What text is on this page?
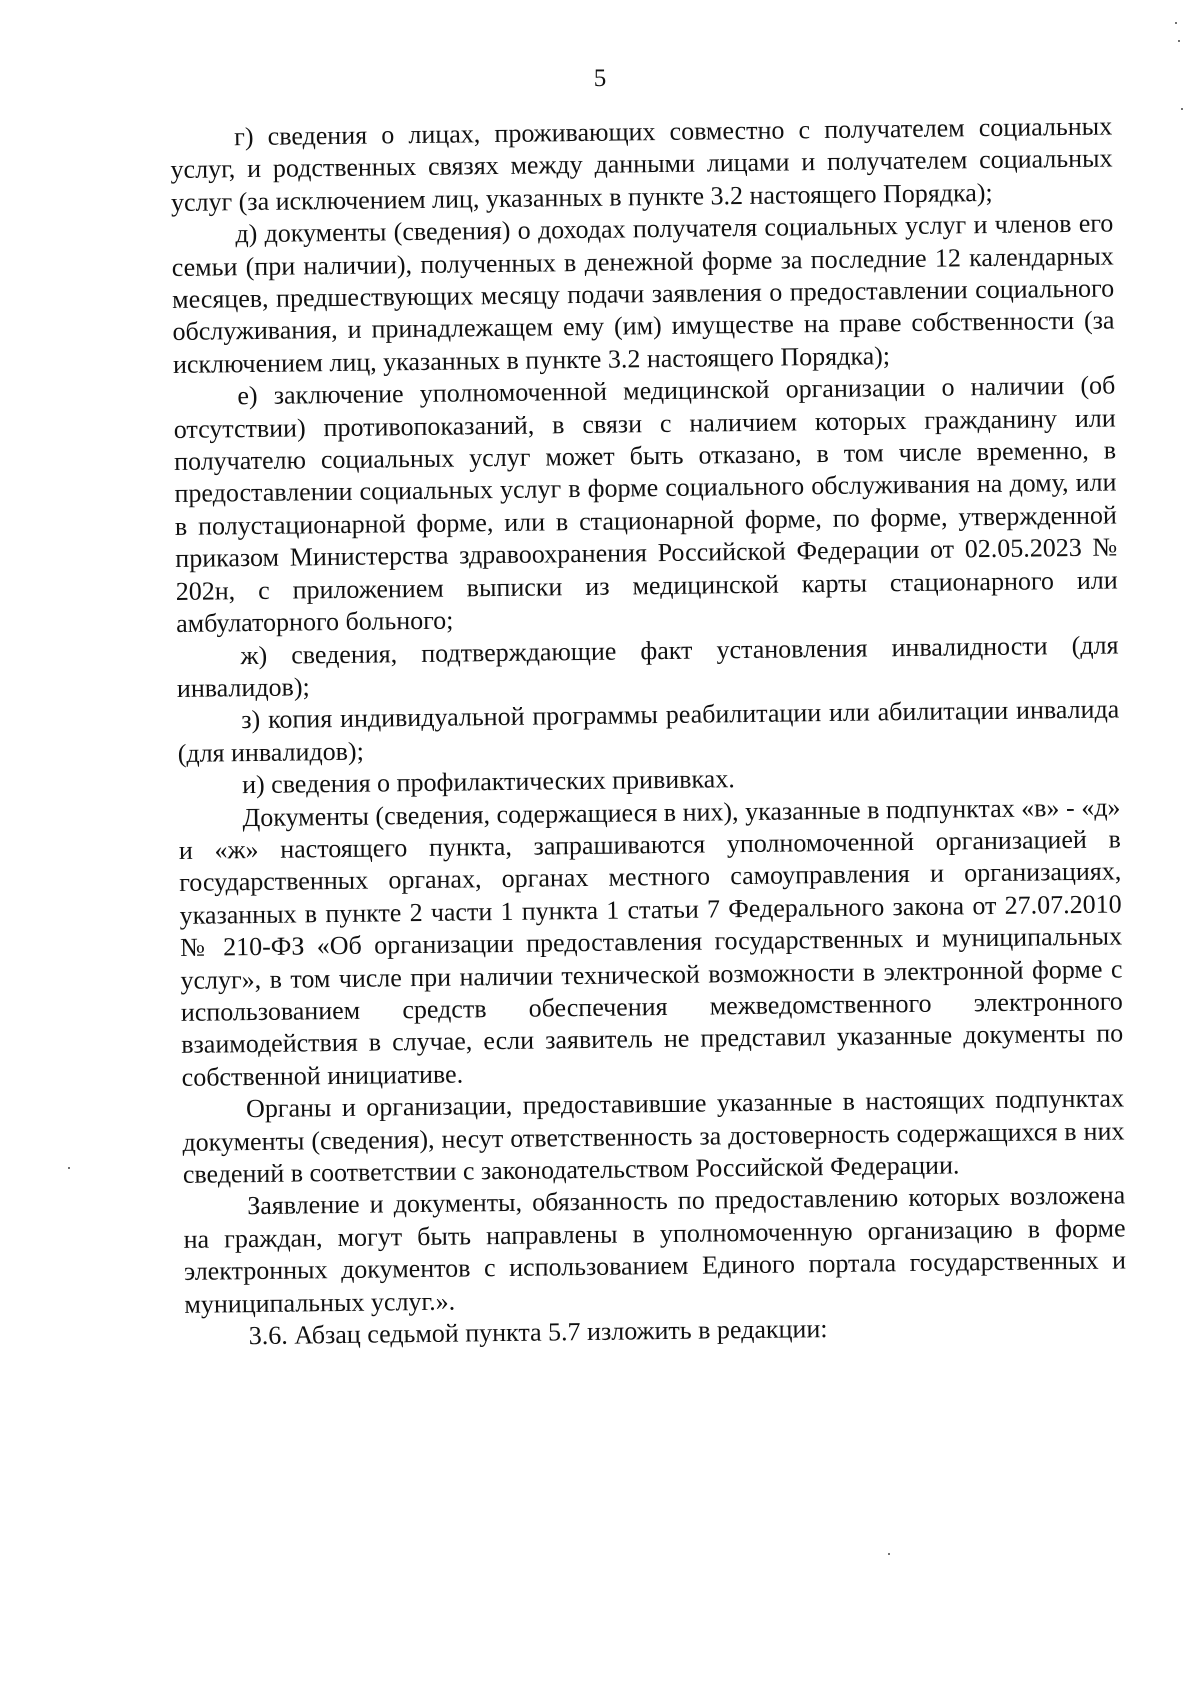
5

г) сведения о лицах, проживающих совместно с получателем социальных услуг, и родственных связях между данными лицами и получателем социальных услуг (за исключением лиц, указанных в пункте 3.2 настоящего Порядка);

д) документы (сведения) о доходах получателя социальных услуг и членов его семьи (при наличии), полученных в денежной форме за последние 12 календарных месяцев, предшествующих месяцу подачи заявления о предоставлении социального обслуживания, и принадлежащем ему (им) имуществе на праве собственности (за исключением лиц, указанных в пункте 3.2 настоящего Порядка);

е) заключение уполномоченной медицинской организации о наличии (об отсутствии) противопоказаний, в связи с наличием которых гражданину или получателю социальных услуг может быть отказано, в том числе временно, в предоставлении социальных услуг в форме социального обслуживания на дому, или в полустационарной форме, или в стационарной форме, по форме, утвержденной приказом Министерства здравоохранения Российской Федерации от 02.05.2023 № 202н, с приложением выписки из медицинской карты стационарного или амбулаторного больного;

ж) сведения, подтверждающие факт установления инвалидности (для инвалидов);

з) копия индивидуальной программы реабилитации или абилитации инвалида (для инвалидов);

и) сведения о профилактических прививках.

Документы (сведения, содержащиеся в них), указанные в подпунктах «в» - «д» и «ж» настоящего пункта, запрашиваются уполномоченной организацией в государственных органах, органах местного самоуправления и организациях, указанных в пункте 2 части 1 пункта 1 статьи 7 Федерального закона от 27.07.2010 № 210-ФЗ «Об организации предоставления государственных и муниципальных услуг», в том числе при наличии технической возможности в электронной форме с использованием средств обеспечения межведомственного электронного взаимодействия в случае, если заявитель не представил указанные документы по собственной инициативе.

Органы и организации, предоставившие указанные в настоящих подпунктах документы (сведения), несут ответственность за достоверность содержащихся в них сведений в соответствии с законодательством Российской Федерации.

Заявление и документы, обязанность по предоставлению которых возложена на граждан, могут быть направлены в уполномоченную организацию в форме электронных документов с использованием Единого портала государственных и муниципальных услуг.».

3.6. Абзац седьмой пункта 5.7 изложить в редакции:
